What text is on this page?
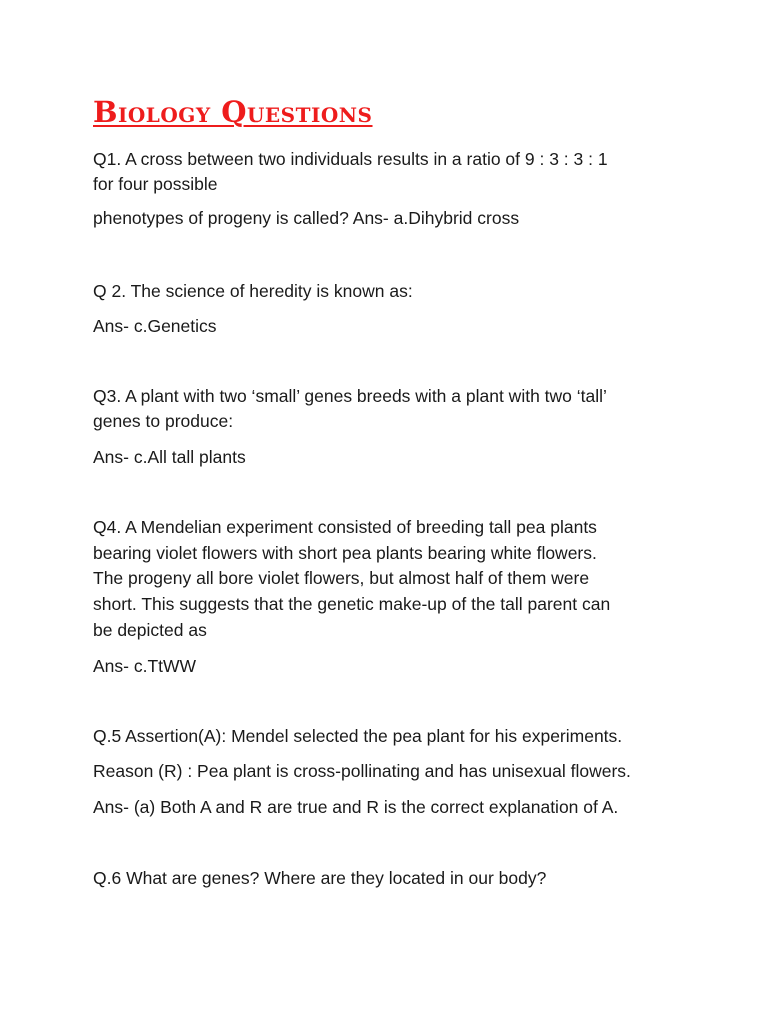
Biology Questions

Q1. A cross between two individuals results in a ratio of 9 : 3 : 3 : 1

for four possible

phenotypes of progeny is called? Ans- a.Dihybrid cross

Q 2. The science of heredity is known as:

Ans- c.Genetics

Q3. A plant with two ‘small’ genes breeds with a plant with two ‘tall’

genes to produce:

Ans- c.All tall plants

Q4. A Mendelian experiment consisted of breeding tall pea plants

bearing violet flowers with short pea plants bearing white flowers.

The progeny all bore violet flowers, but almost half of them were

short. This suggests that the genetic make-up of the tall parent can

be depicted as

Ans- c.TtWW

Q.5 Assertion(A): Mendel selected the pea plant for his experiments.

Reason (R) : Pea plant is cross-pollinating and has unisexual flowers.

Ans- (a) Both A and R are true and R is the correct explanation of A.

Q.6 What are genes? Where are they located in our body?
